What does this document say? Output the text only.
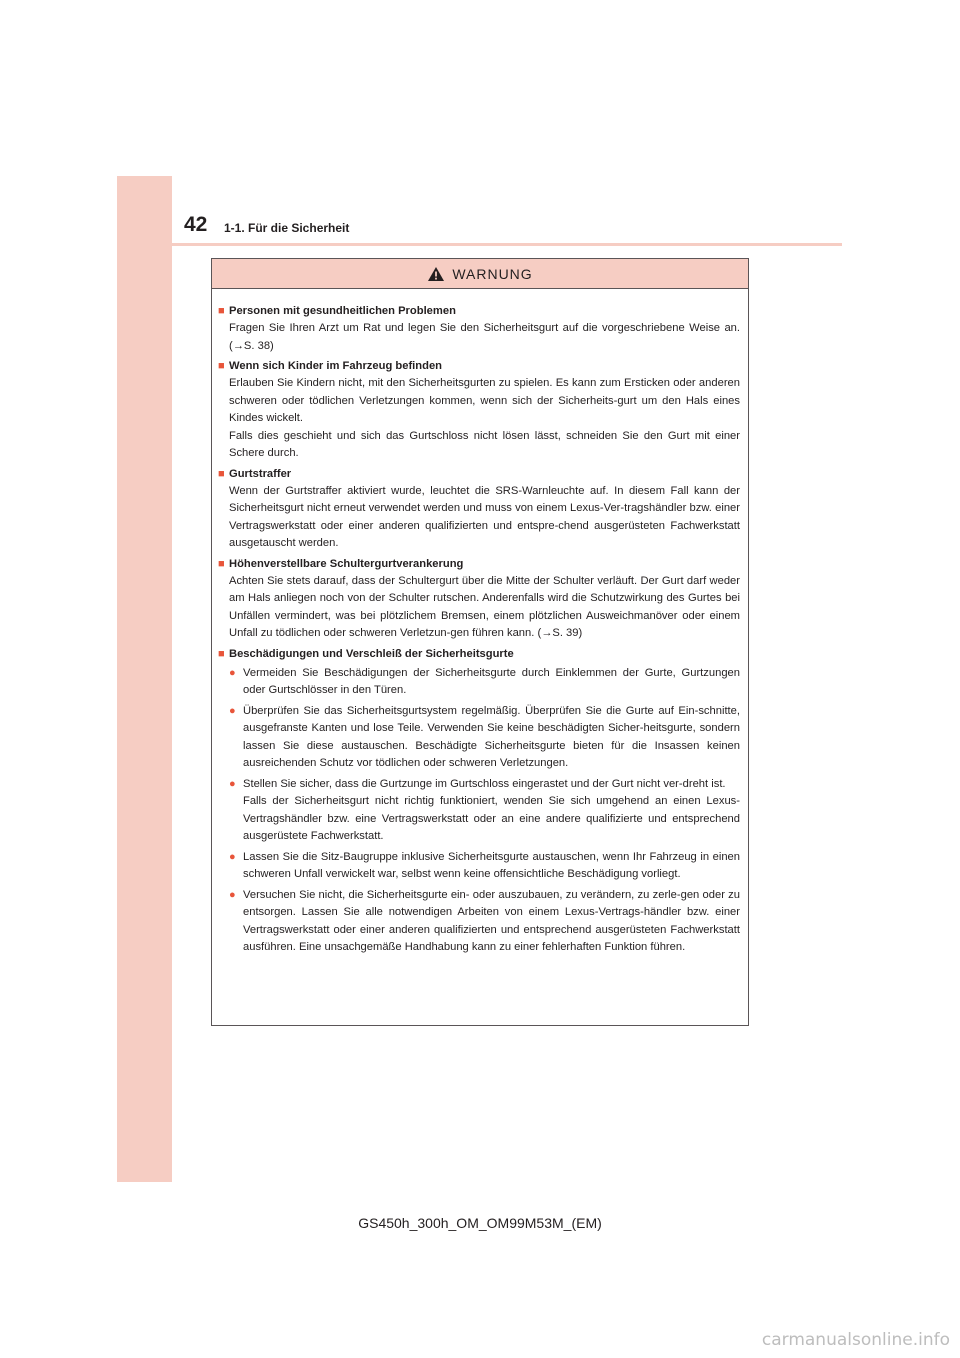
42 1-1. Für die Sicherheit
WARNUNG
■ Personen mit gesundheitlichen Problemen
Fragen Sie Ihren Arzt um Rat und legen Sie den Sicherheitsgurt auf die vorgeschriebene Weise an. (→S. 38)
■ Wenn sich Kinder im Fahrzeug befinden
Erlauben Sie Kindern nicht, mit den Sicherheitsgurten zu spielen. Es kann zum Ersticken oder anderen schweren oder tödlichen Verletzungen kommen, wenn sich der Sicherheits-gurt um den Hals eines Kindes wickelt.
Falls dies geschieht und sich das Gurtschloss nicht lösen lässt, schneiden Sie den Gurt mit einer Schere durch.
■ Gurtstraffer
Wenn der Gurtstraffer aktiviert wurde, leuchtet die SRS-Warnleuchte auf. In diesem Fall kann der Sicherheitsgurt nicht erneut verwendet werden und muss von einem Lexus-Ver-tragshändler bzw. einer Vertragswerkstatt oder einer anderen qualifizierten und entspre-chend ausgerüsteten Fachwerkstatt ausgetauscht werden.
■ Höhenverstellbare Schultergurtverankerung
Achten Sie stets darauf, dass der Schultergurt über die Mitte der Schulter verläuft. Der Gurt darf weder am Hals anliegen noch von der Schulter rutschen. Anderenfalls wird die Schutzwirkung des Gurtes bei Unfällen vermindert, was bei plötzlichem Bremsen, einem plötzlichen Ausweichmanöver oder einem Unfall zu tödlichen oder schweren Verletzun-gen führen kann. (→S. 39)
■ Beschädigungen und Verschleiß der Sicherheitsgurte
● Vermeiden Sie Beschädigungen der Sicherheitsgurte durch Einklemmen der Gurte, Gurtzungen oder Gurtschlösser in den Türen.
● Überprüfen Sie das Sicherheitsgurtsystem regelmäßig. Überprüfen Sie die Gurte auf Ein-schnitte, ausgefranste Kanten und lose Teile. Verwenden Sie keine beschädigten Sicher-heitsgurte, sondern lassen Sie diese austauschen. Beschädigte Sicherheitsgurte bieten für die Insassen keinen ausreichenden Schutz vor tödlichen oder schweren Verletzungen.
● Stellen Sie sicher, dass die Gurtzunge im Gurtschloss eingerastet und der Gurt nicht ver-dreht ist.
Falls der Sicherheitsgurt nicht richtig funktioniert, wenden Sie sich umgehend an einen Lexus-Vertragshändler bzw. eine Vertragswerkstatt oder an eine andere qualifizierte und entsprechend ausgerüstete Fachwerkstatt.
● Lassen Sie die Sitz-Baugruppe inklusive Sicherheitsgurte austauschen, wenn Ihr Fahrzeug in einen schweren Unfall verwickelt war, selbst wenn keine offensichtliche Beschädigung vorliegt.
● Versuchen Sie nicht, die Sicherheitsgurte ein- oder auszubauen, zu verändern, zu zerle-gen oder zu entsorgen. Lassen Sie alle notwendigen Arbeiten von einem Lexus-Vertrags-händler bzw. einer Vertragswerkstatt oder einer anderen qualifizierten und entsprechend ausgerüsteten Fachwerkstatt ausführen. Eine unsachgemäße Handhabung kann zu einer fehlerhaften Funktion führen.
GS450h_300h_OM_OM99M53M_(EM)
carmanualsonline.info
